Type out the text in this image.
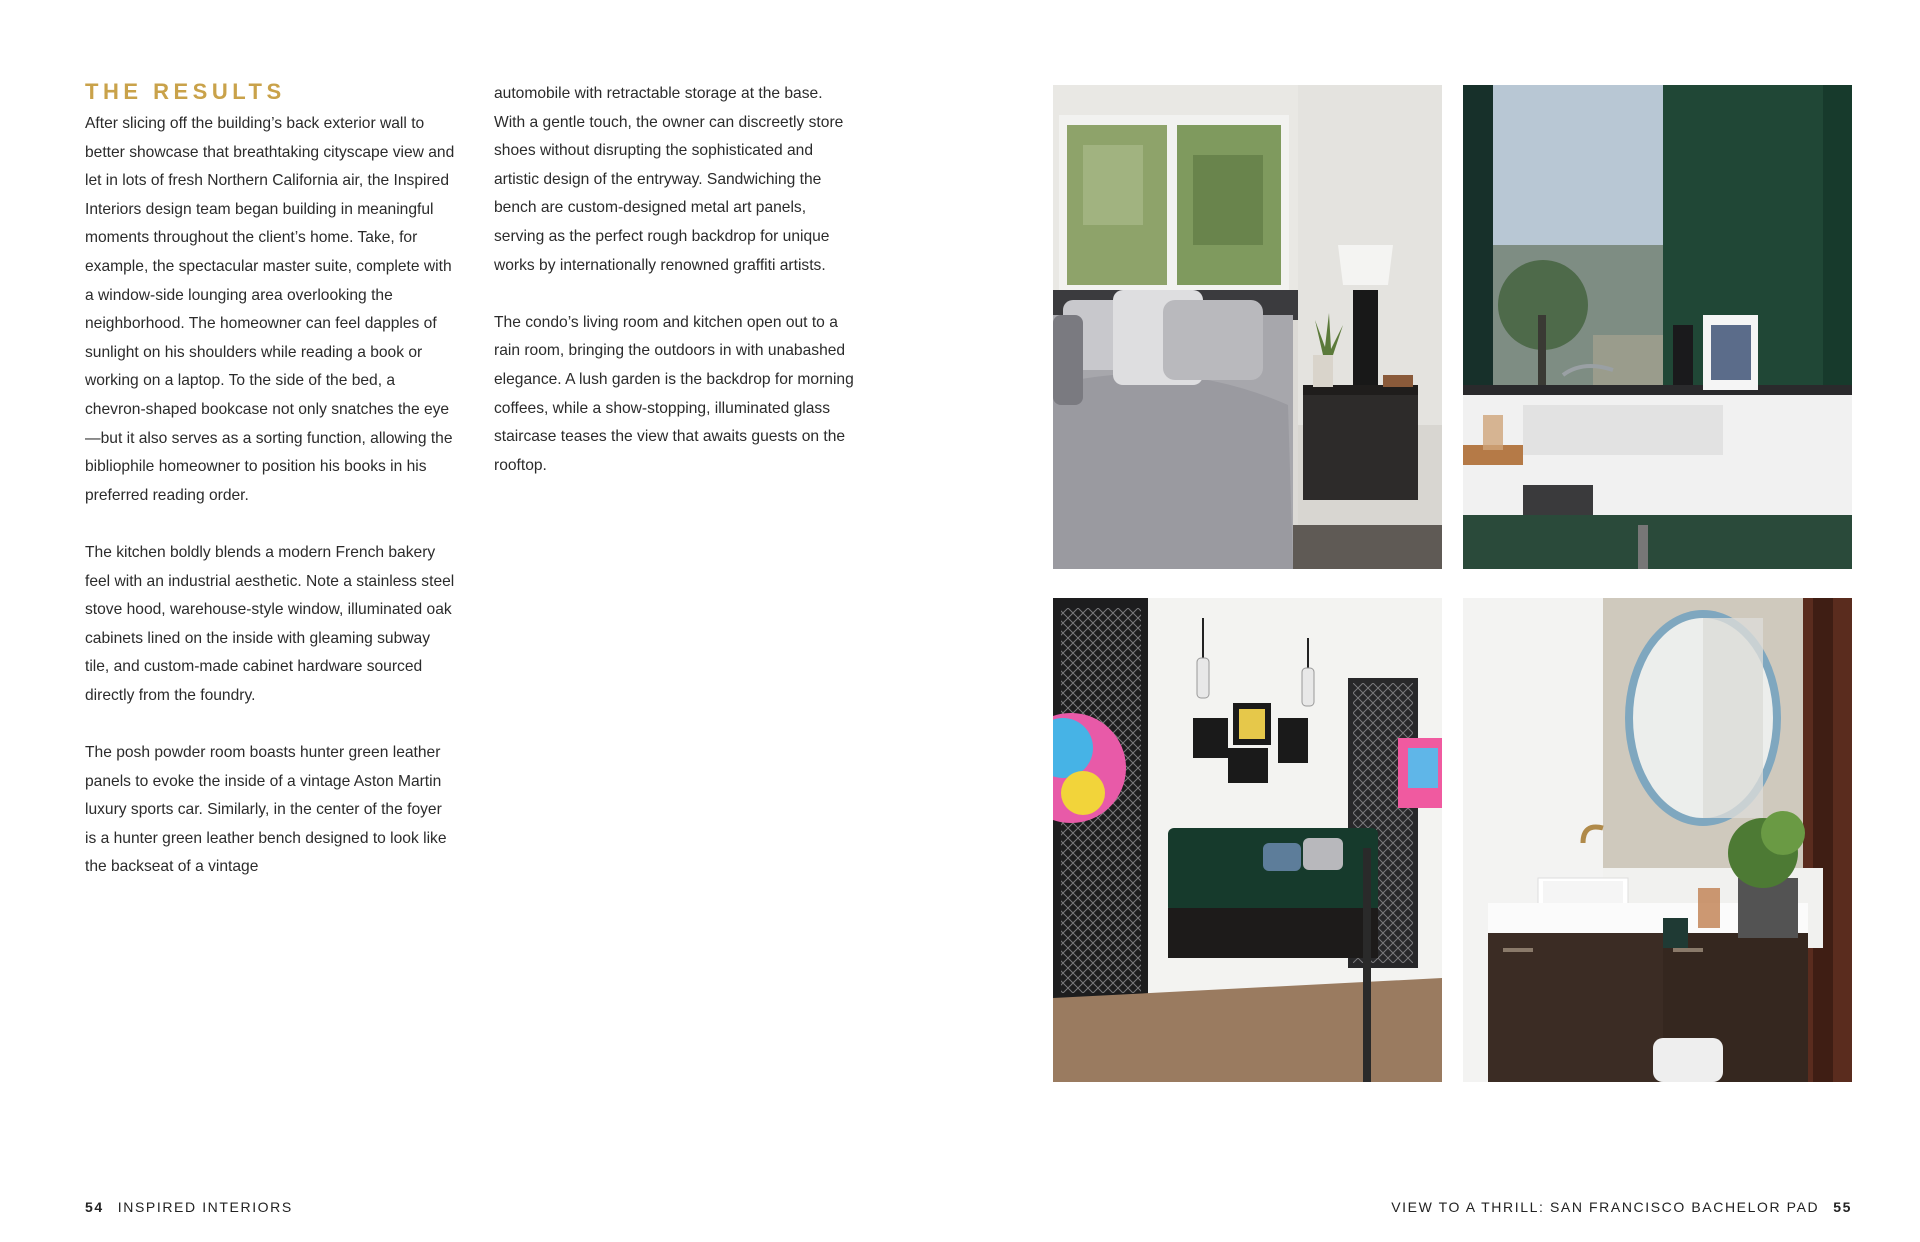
THE RESULTS

After slicing off the building’s back exterior wall to better showcase that breathtaking cityscape view and let in lots of fresh Northern California air, the Inspired Interiors design team began building in meaningful moments throughout the client’s home. Take, for example, the spectacular master suite, complete with a window-side lounging area overlooking the neighborhood. The homeowner can feel dapples of sunlight on his shoulders while reading a book or working on a laptop. To the side of the bed, a chevron-shaped bookcase not only snatches the eye—but it also serves as a sorting function, allowing the bibliophile homeowner to position his books in his preferred reading order.

The kitchen boldly blends a modern French bakery feel with an industrial aesthetic. Note a stainless steel stove hood, warehouse-style window, illuminated oak cabinets lined on the inside with gleaming subway tile, and custom-made cabinet hardware sourced directly from the foundry.

The posh powder room boasts hunter green leather panels to evoke the inside of a vintage Aston Martin luxury sports car. Similarly, in the center of the foyer is a hunter green leather bench designed to look like the backseat of a vintage

automobile with retractable storage at the base. With a gentle touch, the owner can discreetly store shoes without disrupting the sophisticated and artistic design of the entryway. Sandwiching the bench are custom-designed metal art panels, serving as the perfect rough backdrop for unique works by internationally renowned graffiti artists.

The condo’s living room and kitchen open out to a rain room, bringing the outdoors in with unabashed elegance. A lush garden is the backdrop for morning coffees, while a show-stopping, illuminated glass staircase teases the view that awaits guests on the rooftop.

54 INSPIRED INTERIORS	VIEW TO A THRILL: SAN FRANCISCO BACHELOR PAD 55
